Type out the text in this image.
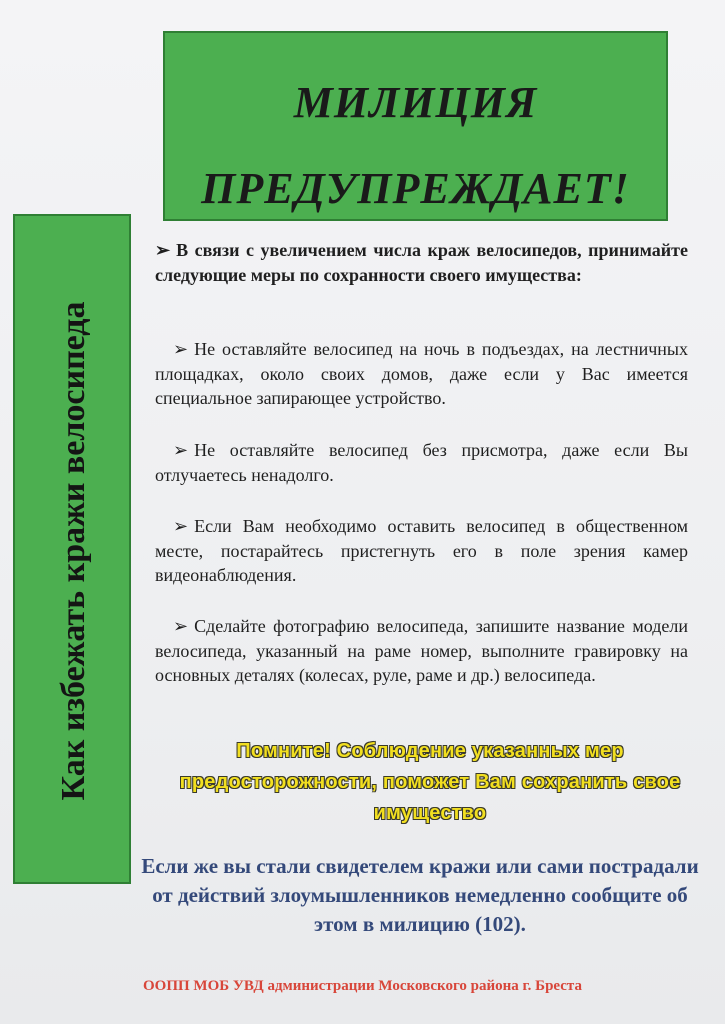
МИЛИЦИЯ
ПРЕДУПРЕЖДАЕТ!
Как избежать кражи велосипеда
➢ В связи с увеличением числа краж велосипедов, принимайте следующие меры по сохранности своего имущества:
➢ Не оставляйте велосипед на ночь в подъездах, на лестничных площадках, около своих домов, даже если у Вас имеется специальное запирающее устройство.
➢ Не оставляйте велосипед без присмотра, даже если Вы отлучаетесь ненадолго.
➢ Если Вам необходимо оставить велосипед в общественном месте, постарайтесь пристегнуть его в поле зрения камер видеонаблюдения.
➢ Сделайте фотографию велосипеда, запишите название модели велосипеда, указанный на раме номер, выполните гравировку на основных деталях (колесах, руле, раме и др.) велосипеда.
Помните! Соблюдение указанных мер предосторожности, поможет Вам сохранить свое имущество
Если же вы стали свидетелем кражи или сами пострадали от действий злоумышленников немедленно сообщите об этом в милицию (102).
ООПП МОБ УВД администрации Московского района г. Бреста
